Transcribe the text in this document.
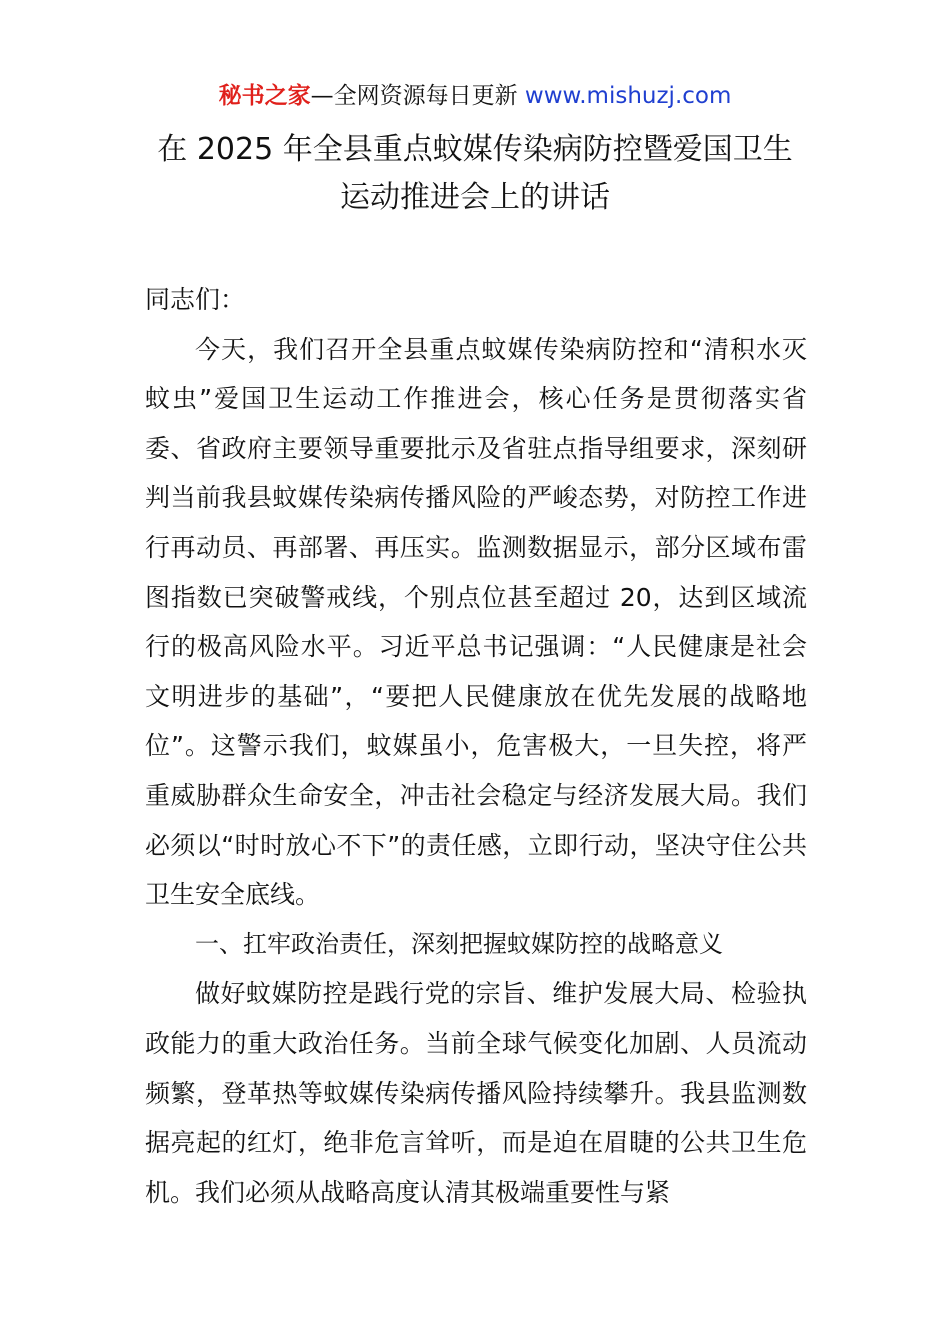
秘书之家—全网资源每日更新 www.mishuzj.com
在 2025 年全县重点蚊媒传染病防控暨爱国卫生
运动推进会上的讲话

同志们：

今天，我们召开全县重点蚊媒传染病防控和“清积水灭蚊虫”爱国卫生运动工作推进会，核心任务是贯彻落实省委、省政府主要领导重要批示及省驻点指导组要求，深刻研判当前我县蚊媒传染病传播风险的严峻态势，对防控工作进行再动员、再部署、再压实。监测数据显示，部分区域布雷图指数已突破警戒线，个别点位甚至超过 20，达到区域流行的极高风险水平。习近平总书记强调：“人民健康是社会文明进步的基础”，“要把人民健康放在优先发展的战略地位”。这警示我们，蚊媒虽小，危害极大，一旦失控，将严重威胁群众生命安全，冲击社会稳定与经济发展大局。我们必须以“时时放心不下”的责任感，立即行动，坚决守住公共卫生安全底线。

一、扛牢政治责任，深刻把握蚊媒防控的战略意义

做好蚊媒防控是践行党的宗旨、维护发展大局、检验执政能力的重大政治任务。当前全球气候变化加剧、人员流动频繁，登革热等蚊媒传染病传播风险持续攀升。我县监测数据亮起的红灯，绝非危言耸听，而是迫在眉睫的公共卫生危机。我们必须从战略高度认清其极端重要性与紧
